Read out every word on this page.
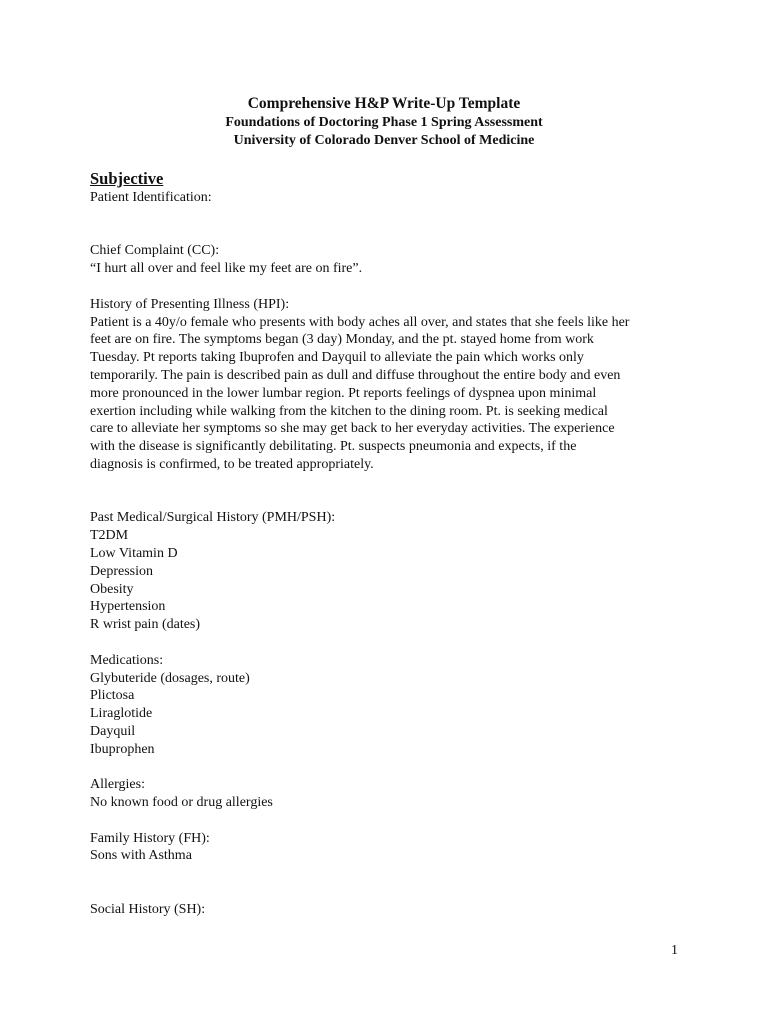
Comprehensive H&P Write-Up Template
Foundations of Doctoring Phase 1 Spring Assessment
University of Colorado Denver School of Medicine
Subjective
Patient Identification:
Chief Complaint (CC):
“I hurt all over and feel like my feet are on fire”.
History of Presenting Illness (HPI):
Patient is a 40y/o female who presents with body aches all over, and states that she feels like her
feet are on fire. The symptoms began (3 day) Monday, and the pt. stayed home from work
Tuesday. Pt reports taking Ibuprofen and Dayquil to alleviate the pain which works only
temporarily. The pain is described pain as dull and diffuse throughout the entire body and even
more pronounced in the lower lumbar region. Pt reports feelings of dyspnea upon minimal
exertion including while walking from the kitchen to the dining room. Pt. is seeking medical
care to alleviate her symptoms so she may get back to her everyday activities. The experience
with the disease is significantly debilitating. Pt. suspects pneumonia and expects, if the
diagnosis is confirmed, to be treated appropriately.
Past Medical/Surgical History (PMH/PSH):
T2DM
Low Vitamin D
Depression
Obesity
Hypertension
R wrist pain (dates)
Medications:
Glybuteride (dosages, route)
Plictosa
Liraglotide
Dayquil
Ibuprophen
Allergies:
No known food or drug allergies
Family History (FH):
Sons with Asthma
Social History (SH):
1
